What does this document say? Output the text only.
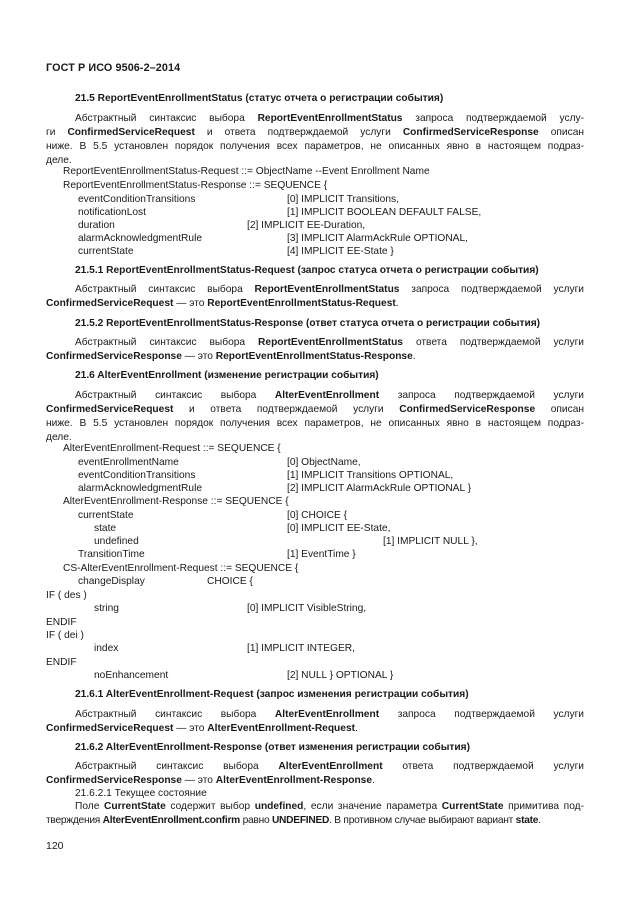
ГОСТ Р ИСО 9506-2–2014
21.5 ReportEventEnrollmentStatus (статус отчета о регистрации события)
Абстрактный синтаксис выбора ReportEventEnrollmentStatus запроса подтверждаемой услу-
ги ConfirmedServiceRequest и ответа подтверждаемой услуги ConfirmedServiceResponse описан
ниже. В 5.5 установлен порядок получения всех параметров, не описанных явно в настоящем подраз-
деле.
ReportEventEnrollmentStatus-Request ::= ObjectName --Event Enrollment Name
ReportEventEnrollmentStatus-Response ::= SEQUENCE {
eventConditionTransitions	[0] IMPLICIT Transitions,
notificationLost	[1] IMPLICIT BOOLEAN DEFAULT FALSE,
duration	[2] IMPLICIT EE-Duration,
alarmAcknowledgmentRule	[3] IMPLICIT AlarmAckRule OPTIONAL,
currentState	[4] IMPLICIT EE-State }
21.5.1 ReportEventEnrollmentStatus-Request (запрос статуса отчета о регистрации события)
Абстрактный синтаксис выбора ReportEventEnrollmentStatus запроса подтверждаемой услуги
ConfirmedServiceRequest — это ReportEventEnrollmentStatus-Request.
21.5.2 ReportEventEnrollmentStatus-Response (ответ статуса отчета о регистрации события)
Абстрактный синтаксис выбора ReportEventEnrollmentStatus ответа подтверждаемой услуги
ConfirmedServiceResponse — это ReportEventEnrollmentStatus-Response.
21.6 AlterEventEnrollment (изменение регистрации события)
Абстрактный синтаксис выбора AlterEventEnrollment запроса подтверждаемой услуги
ConfirmedServiceRequest и ответа подтверждаемой услуги ConfirmedServiceResponse описан
ниже. В 5.5 установлен порядок получения всех параметров, не описанных явно в настоящем подраз-
деле.
AlterEventEnrollment-Request ::= SEQUENCE {
eventEnrollmentName	[0] ObjectName,
eventConditionTransitions	[1] IMPLICIT Transitions OPTIONAL,
alarmAcknowledgmentRule	[2] IMPLICIT AlarmAckRule OPTIONAL }
AlterEventEnrollment-Response ::= SEQUENCE {
currentState	[0] CHOICE {
state	[0] IMPLICIT EE-State,
undefined	[1] IMPLICIT NULL },
TransitionTime	[1] EventTime }
CS-AlterEventEnrollment-Request ::= SEQUENCE {
changeDisplay	CHOICE {
IF ( des )
string	[0] IMPLICIT VisibleString,
ENDIF
IF ( dei )
index	[1] IMPLICIT INTEGER,
ENDIF
noEnhancement	[2] NULL } OPTIONAL }
21.6.1 AlterEventEnrollment-Request (запрос изменения регистрации события)
Абстрактный синтаксис выбора AlterEventEnrollment запроса подтверждаемой услуги
ConfirmedServiceRequest — это AlterEventEnrollment-Request.
21.6.2 AlterEventEnrollment-Response (ответ изменения регистрации события)
Абстрактный синтаксис выбора AlterEventEnrollment ответа подтверждаемой услуги
ConfirmedServiceResponse — это AlterEventEnrollment-Response.
21.6.2.1 Текущее состояние
Поле CurrentState содержит выбор undefined, если значение параметра CurrentState примитива под-
тверждения AlterEventEnrollment.confirm равно UNDEFINED. В противном случае выбирают вариант state.
120
